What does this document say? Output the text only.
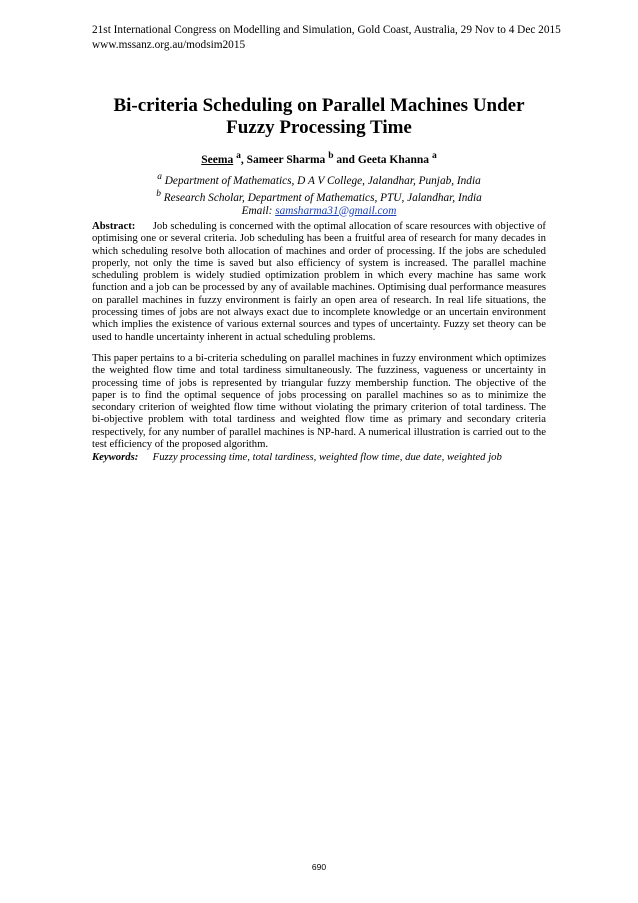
21st International Congress on Modelling and Simulation, Gold Coast, Australia, 29 Nov to 4 Dec 2015
www.mssanz.org.au/modsim2015
Bi-criteria Scheduling on Parallel Machines Under
Fuzzy Processing Time
Seema $^a$, Sameer Sharma $^b$ and Geeta Khanna $^a$
$^a$ Department of Mathematics, D A V College, Jalandhar, Punjab, India
$^b$ Research Scholar, Department of Mathematics, PTU, Jalandhar, India
Email: samsharma31@gmail.com
Abstract: Job scheduling is concerned with the optimal allocation of scare resources with objective of optimising one or several criteria. Job scheduling has been a fruitful area of research for many decades in which scheduling resolve both allocation of machines and order of processing. If the jobs are scheduled properly, not only the time is saved but also efficiency of system is increased. The parallel machine scheduling problem is widely studied optimization problem in which every machine has same work function and a job can be processed by any of available machines. Optimising dual performance measures on parallel machines in fuzzy environment is fairly an open area of research. In real life situations, the processing times of jobs are not always exact due to incomplete knowledge or an uncertain environment which implies the existence of various external sources and types of uncertainty. Fuzzy set theory can be used to handle uncertainty inherent in actual scheduling problems.
This paper pertains to a bi-criteria scheduling on parallel machines in fuzzy environment which optimizes the weighted flow time and total tardiness simultaneously. The fuzziness, vagueness or uncertainty in processing time of jobs is represented by triangular fuzzy membership function. The objective of the paper is to find the optimal sequence of jobs processing on parallel machines so as to minimize the secondary criterion of weighted flow time without violating the primary criterion of total tardiness. The bi-objective problem with total tardiness and weighted flow time as primary and secondary criteria respectively, for any number of parallel machines is NP-hard. A numerical illustration is carried out to the test efficiency of the proposed algorithm.
Keywords: Fuzzy processing time, total tardiness, weighted flow time, due date, weighted job
690
